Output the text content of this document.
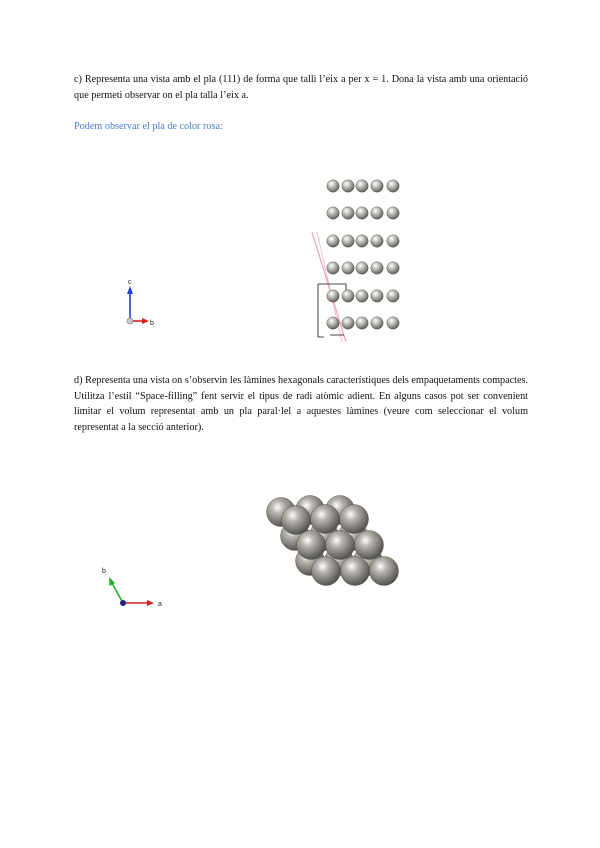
c) Representa una vista amb el pla (111) de forma que talli l’eix a per x = 1. Dona la vista amb una orientació que permeti observar on el pla talla l’eix a.

Podem observar el pla de color rosa:

d) Representa una vista on s’observin les làmines hexagonals característiques dels empaquetaments compactes. Utilitza l’estil “Space-filling” fent servir el tipus de radi atòmic adient. En alguns casos pot ser convenient limitar el volum representat amb un pla paral·lel a aquestes làmines (veure com seleccionar el volum representat a la secció anterior).

c
b
b
a
